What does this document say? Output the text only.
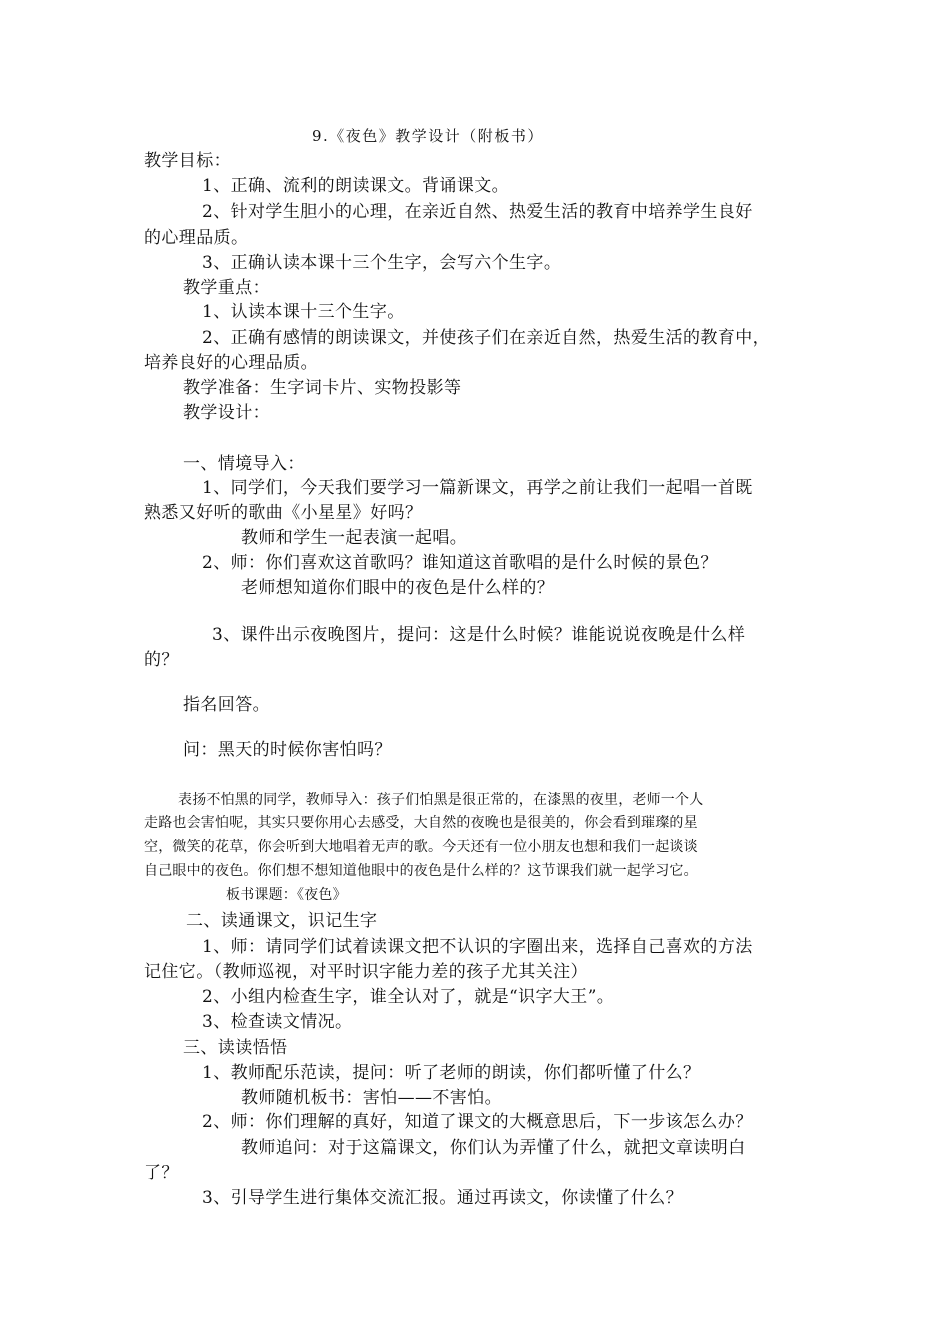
9.《夜色》教学设计（附板书）
教学目标：
1、正确、流利的朗读课文。背诵课文。
2、针对学生胆小的心理，在亲近自然、热爱生活的教育中培养学生良好
的心理品质。
3、正确认读本课十三个生字，会写六个生字。
教学重点：
1、认读本课十三个生字。
2、正确有感情的朗读课文，并使孩子们在亲近自然，热爱生活的教育中，
培养良好的心理品质。
教学准备：生字词卡片、实物投影等
教学设计：
一、情境导入：
1、同学们，今天我们要学习一篇新课文，再学之前让我们一起唱一首既
熟悉又好听的歌曲《小星星》好吗？
教师和学生一起表演一起唱。
2、师：你们喜欢这首歌吗？谁知道这首歌唱的是什么时候的景色？
老师想知道你们眼中的夜色是什么样的？
3、课件出示夜晚图片，提问：这是什么时候？谁能说说夜晚是什么样
的？
指名回答。
问：黑天的时候你害怕吗？
表扬不怕黑的同学，教师导入：孩子们怕黑是很正常的，在漆黑的夜里，老师一个人
走路也会害怕呢，其实只要你用心去感受，大自然的夜晚也是很美的，你会看到璀璨的星
空，微笑的花草，你会听到大地唱着无声的歌。今天还有一位小朋友也想和我们一起谈谈
自己眼中的夜色。你们想不想知道他眼中的夜色是什么样的？这节课我们就一起学习它。
板书课题：《夜色》
二、读通课文，识记生字
1、师：请同学们试着读课文把不认识的字圈出来，选择自己喜欢的方法
记住它。（教师巡视，对平时识字能力差的孩子尤其关注）
2、小组内检查生字，谁全认对了，就是“识字大王”。
3、检查读文情况。
三、读读悟悟
1、教师配乐范读，提问：听了老师的朗读，你们都听懂了什么？
教师随机板书：害怕——不害怕。
2、师：你们理解的真好，知道了课文的大概意思后，下一步该怎么办？
教师追问：对于这篇课文，你们认为弄懂了什么，就把文章读明白
了？
3、引导学生进行集体交流汇报。通过再读文，你读懂了什么？
